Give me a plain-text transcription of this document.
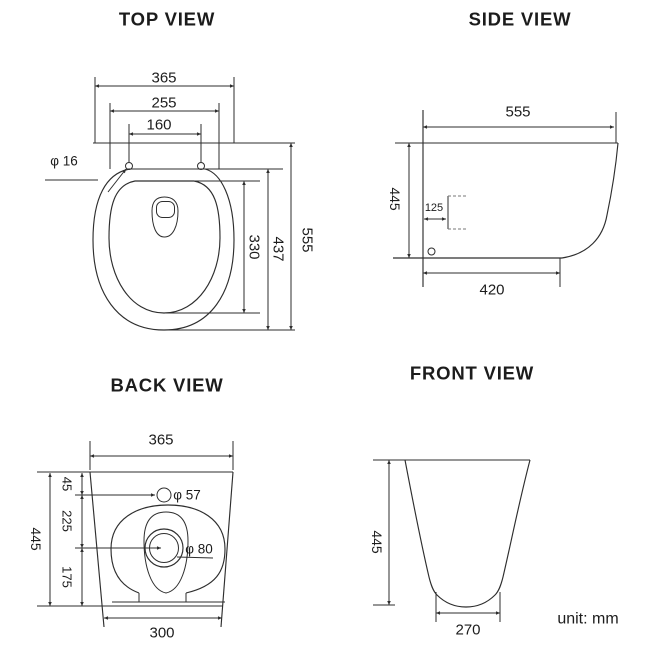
TOP VIEW
365
255
160
φ 16
330 437 555
SIDE VIEW
555
445 125
420
BACK VIEW
365
445
45
225
175
φ 57
φ 80
300
FRONT VIEW
445
270
unit: mm
